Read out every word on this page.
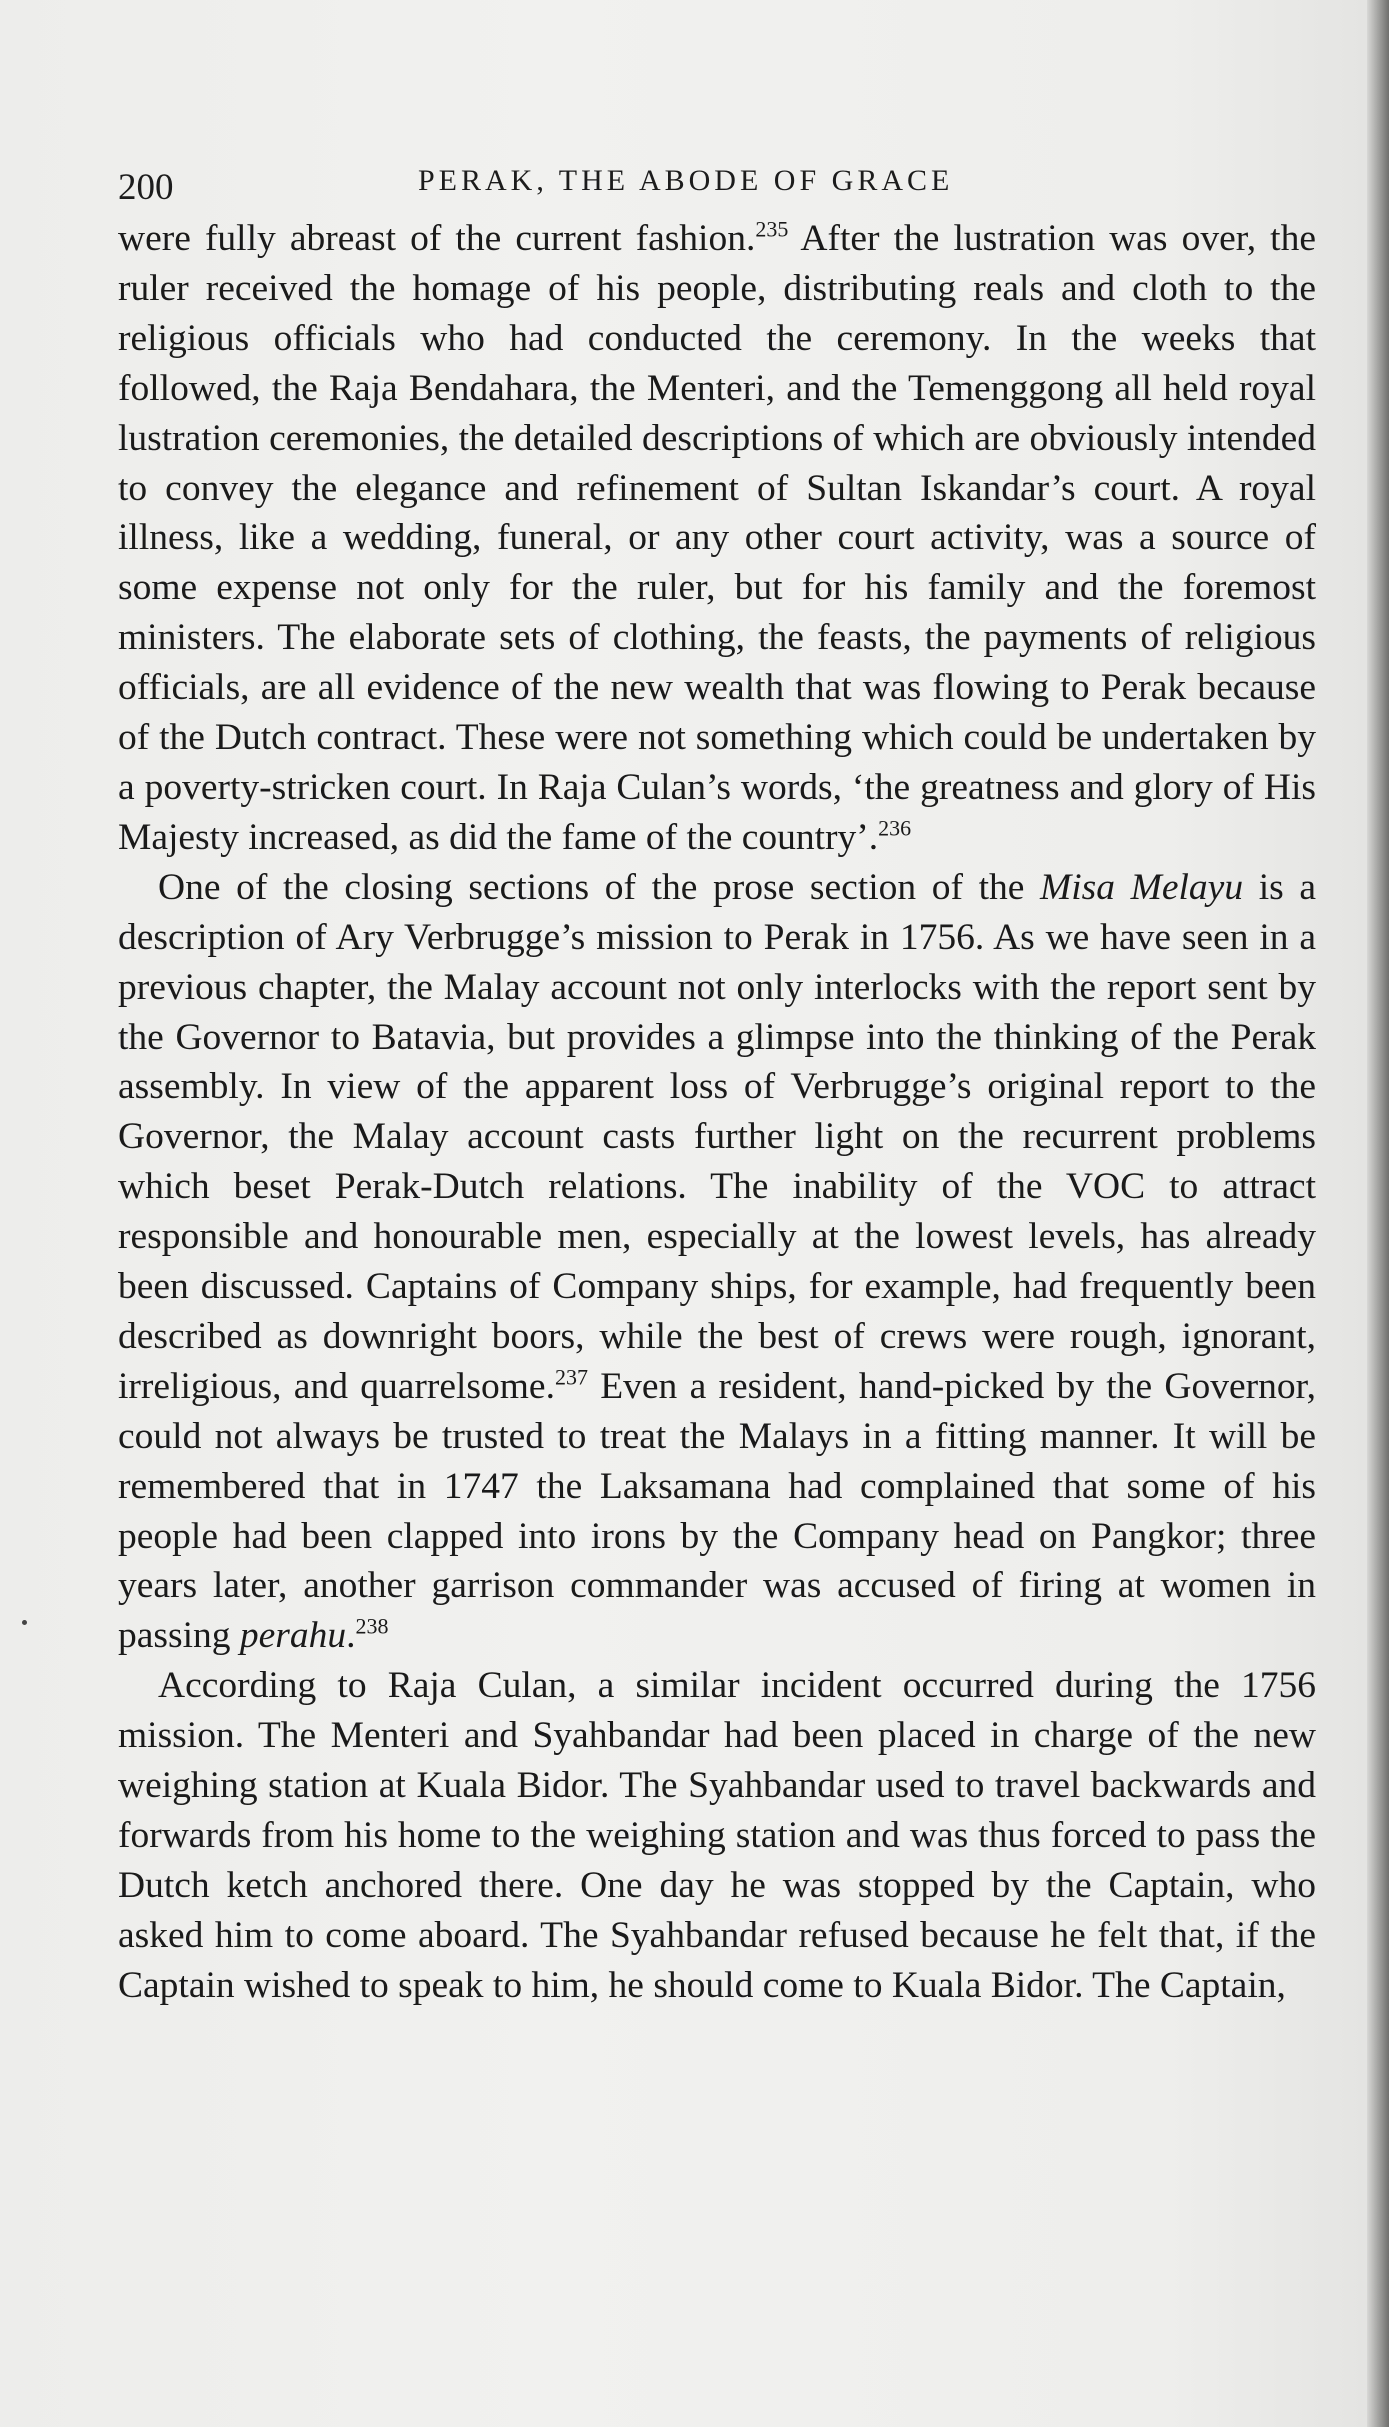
200	PERAK, THE ABODE OF GRACE

were fully abreast of the current fashion.$^{235}$ After the lustration was over, the ruler received the homage of his people, distributing reals and cloth to the religious officials who had conducted the ceremony. In the weeks that followed, the Raja Bendahara, the Menteri, and the Temenggong all held royal lustration ceremonies, the detailed descriptions of which are obviously intended to convey the elegance and refinement of Sultan Iskandar’s court. A royal illness, like a wedding, funeral, or any other court activity, was a source of some expense not only for the ruler, but for his family and the foremost ministers. The elaborate sets of clothing, the feasts, the payments of religious officials, are all evidence of the new wealth that was flowing to Perak because of the Dutch contract. These were not something which could be undertaken by a poverty-stricken court. In Raja Culan’s words, ‘the greatness and glory of His Majesty increased, as did the fame of the country’.$^{236}$

One of the closing sections of the prose section of the Misa Melayu is a description of Ary Verbrugge’s mission to Perak in 1756. As we have seen in a previous chapter, the Malay account not only interlocks with the report sent by the Governor to Batavia, but provides a glimpse into the thinking of the Perak assembly. In view of the apparent loss of Verbrugge’s original report to the Governor, the Malay account casts further light on the recurrent problems which beset Perak-Dutch relations. The inability of the VOC to attract responsible and honourable men, especially at the lowest levels, has already been discussed. Captains of Company ships, for example, had frequently been described as downright boors, while the best of crews were rough, ignorant, irreligious, and quarrelsome.$^{237}$ Even a resident, hand-picked by the Governor, could not always be trusted to treat the Malays in a fitting manner. It will be remembered that in 1747 the Laksamana had complained that some of his people had been clapped into irons by the Company head on Pangkor; three years later, another garrison commander was accused of firing at women in passing perahu.$^{238}$

According to Raja Culan, a similar incident occurred during the 1756 mission. The Menteri and Syahbandar had been placed in charge of the new weighing station at Kuala Bidor. The Syahbandar used to travel backwards and forwards from his home to the weighing station and was thus forced to pass the Dutch ketch anchored there. One day he was stopped by the Captain, who asked him to come aboard. The Syahbandar refused because he felt that, if the Captain wished to speak to him, he should come to Kuala Bidor. The Captain,
